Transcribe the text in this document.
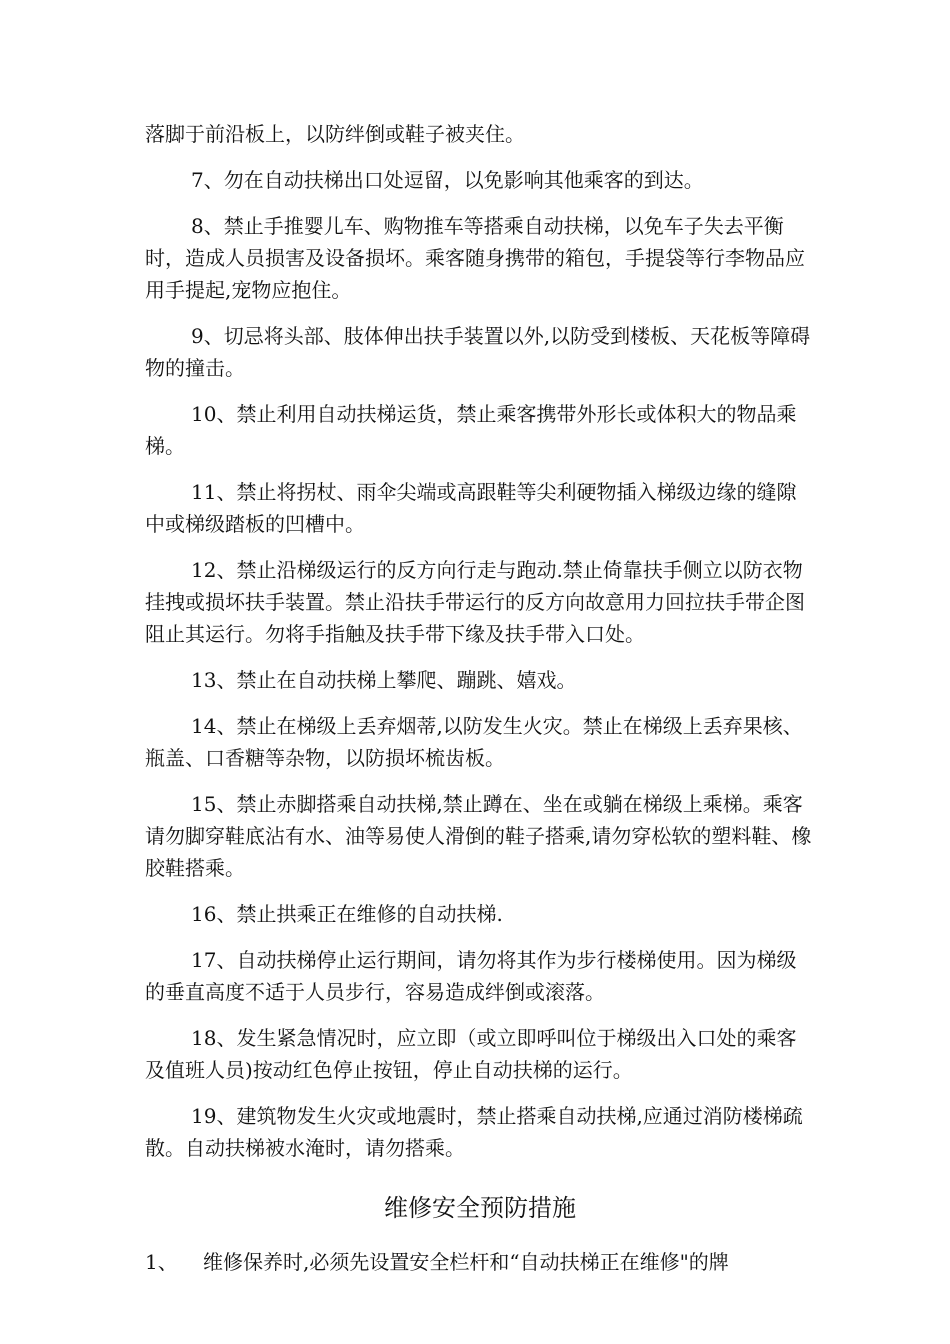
落脚于前沿板上，以防绊倒或鞋子被夹住。

7、勿在自动扶梯出口处逗留，以免影响其他乘客的到达。

8、禁止手推婴儿车、购物推车等搭乘自动扶梯，以免车子失去平衡时，造成人员损害及设备损坏。乘客随身携带的箱包，手提袋等行李物品应用手提起,宠物应抱住。

9、切忌将头部、肢体伸出扶手装置以外,以防受到楼板、天花板等障碍物的撞击。

10、禁止利用自动扶梯运货，禁止乘客携带外形长或体积大的物品乘梯。

11、禁止将拐杖、雨伞尖端或高跟鞋等尖利硬物插入梯级边缘的缝隙中或梯级踏板的凹槽中。

12、禁止沿梯级运行的反方向行走与跑动.禁止倚靠扶手侧立以防衣物挂拽或损坏扶手装置。禁止沿扶手带运行的反方向故意用力回拉扶手带企图阻止其运行。勿将手指触及扶手带下缘及扶手带入口处。

13、禁止在自动扶梯上攀爬、蹦跳、嬉戏。

14、禁止在梯级上丢弃烟蒂,以防发生火灾。禁止在梯级上丢弃果核、瓶盖、口香糖等杂物，以防损坏梳齿板。

15、禁止赤脚搭乘自动扶梯,禁止蹲在、坐在或躺在梯级上乘梯。乘客请勿脚穿鞋底沾有水、油等易使人滑倒的鞋子搭乘,请勿穿松软的塑料鞋、橡胶鞋搭乘。

16、禁止拱乘正在维修的自动扶梯.

17、自动扶梯停止运行期间，请勿将其作为步行楼梯使用。因为梯级的垂直高度不适于人员步行，容易造成绊倒或滚落。

18、发生紧急情况时，应立即（或立即呼叫位于梯级出入口处的乘客及值班人员)按动红色停止按钮，停止自动扶梯的运行。

19、建筑物发生火灾或地震时，禁止搭乘自动扶梯,应通过消防楼梯疏散。自动扶梯被水淹时，请勿搭乘。

维修安全预防措施
1、	维修保养时,必须先设置安全栏杆和“自动扶梯正在维修"的牌
